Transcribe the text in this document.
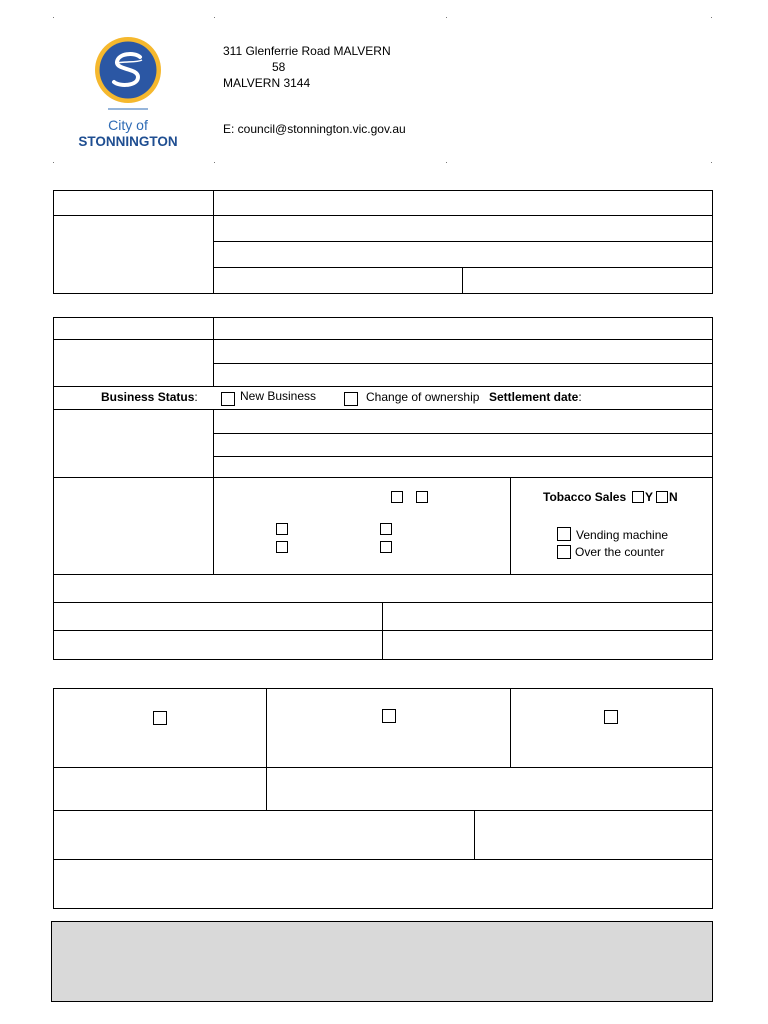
City of
STONNINGTON
311 Glenferrie Road MALVERN
58
MALVERN 3144
E: council@stonnington.vic.gov.au
Business Status:	New Business	Change of ownership Settlement date:
Tobacco Sales Y N
Vending machine
Over the counter
